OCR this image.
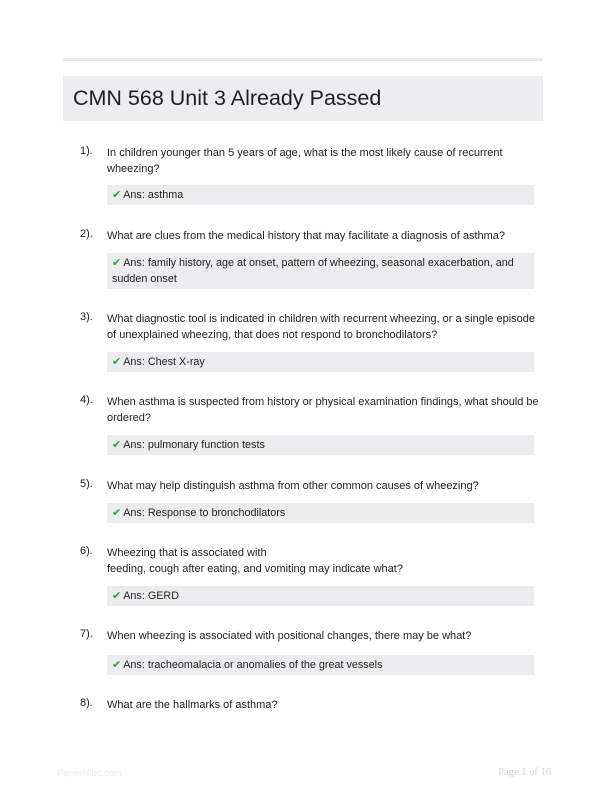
CMN 568 Unit 3 Already Passed
1). In children younger than 5 years of age, what is the most likely cause of recurrent wheezing?
✔ Ans: asthma
2). What are clues from the medical history that may facilitate a diagnosis of asthma?
✔ Ans: family history, age at onset, pattern of wheezing, seasonal exacerbation, and sudden onset
3). What diagnostic tool is indicated in children with recurrent wheezing, or a single episode of unexplained wheezing, that does not respond to bronchodilators?
✔ Ans: Chest X-ray
4). When asthma is suspected from history or physical examination findings, what should be ordered?
✔ Ans: pulmonary function tests
5). What may help distinguish asthma from other common causes of wheezing?
✔ Ans: Response to bronchodilators
6). Wheezing that is associated with
feeding, cough after eating, and vomiting may indicate what?
✔ Ans: GERD
7). When wheezing is associated with positional changes, there may be what?
✔ Ans: tracheomalacia or anomalies of the great vessels
8). What are the hallmarks of asthma?
PaperNibc.com	Page 1 of 16
